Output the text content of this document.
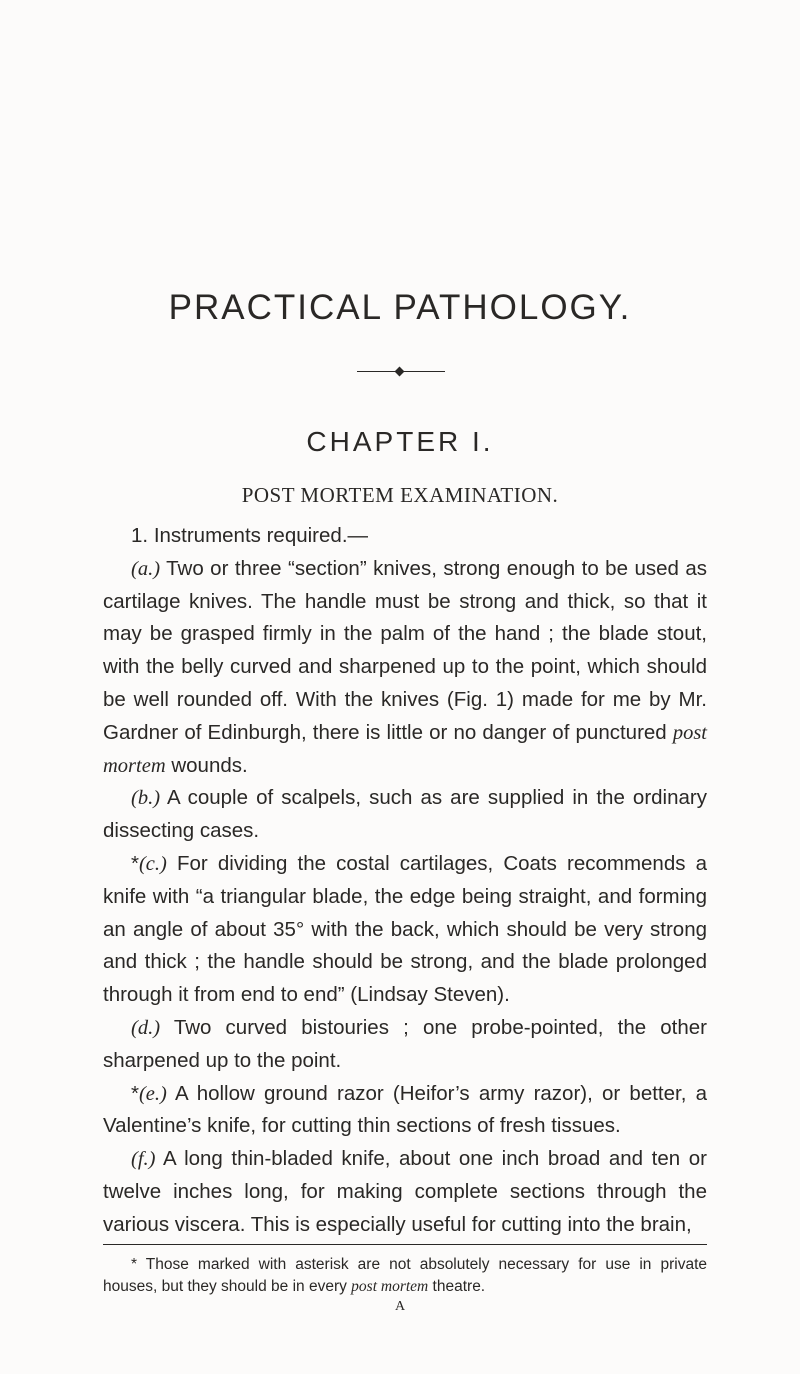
PRACTICAL PATHOLOGY.
CHAPTER I.
POST MORTEM EXAMINATION.

1. Instruments required.—

(a.) Two or three “section” knives, strong enough to be used as cartilage knives. The handle must be strong and thick, so that it may be grasped firmly in the palm of the hand ; the blade stout, with the belly curved and sharpened up to the point, which should be well rounded off. With the knives (Fig. 1) made for me by Mr. Gardner of Edinburgh, there is little or no danger of punctured post mortem wounds.

(b.) A couple of scalpels, such as are supplied in the ordinary dissecting cases.

*(c.) For dividing the costal cartilages, Coats recommends a knife with “a triangular blade, the edge being straight, and forming an angle of about 35° with the back, which should be very strong and thick ; the handle should be strong, and the blade prolonged through it from end to end” (Lindsay Steven).

(d.) Two curved bistouries ; one probe-pointed, the other sharpened up to the point.

*(e.) A hollow ground razor (Heifor’s army razor), or better, a Valentine’s knife, for cutting thin sections of fresh tissues.

(f.) A long thin-bladed knife, about one inch broad and ten or twelve inches long, for making complete sections through the various viscera. This is especially useful for cutting into the brain,

* Those marked with asterisk are not absolutely necessary for use in private houses, but they should be in every post mortem theatre.

A
